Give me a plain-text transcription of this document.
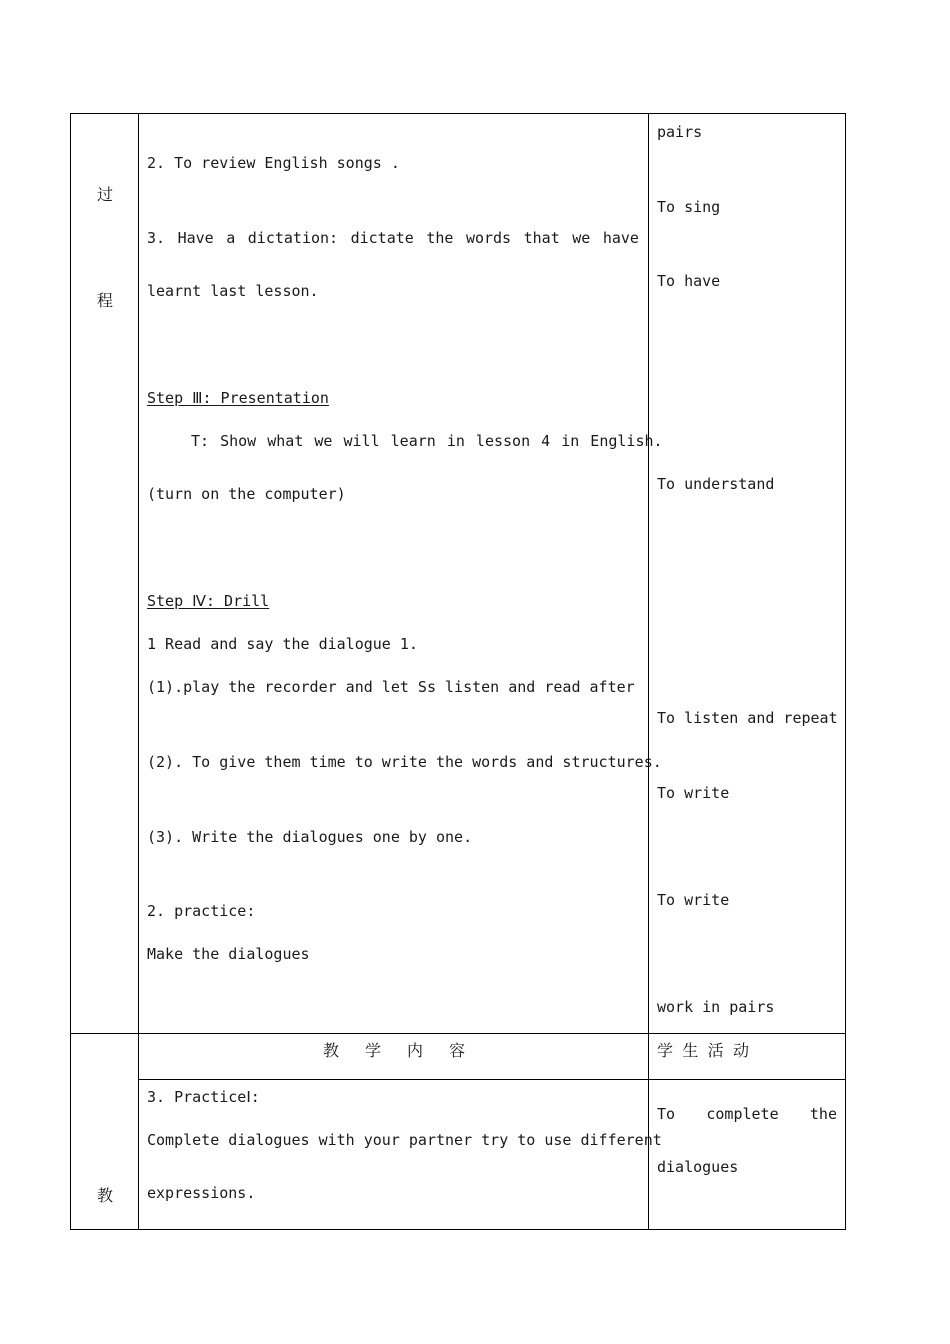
过
程
教
2. To review English songs .
3. Have a dictation: dictate the words that we have
learnt last lesson.
Step Ⅲ: Presentation
T: Show what we will learn in lesson 4 in English.
(turn on the computer)
Step Ⅳ: Drill
1 Read and say the dialogue 1.
(1).play the recorder and let Ss listen and read after
(2). To give them time to write the words and structures.
(3). Write the dialogues one by one.
2. practice:
Make the dialogues
pairs
To sing
To have
To understand
To listen and repeat
To write
To write
work in pairs
教 学 内 容	学 生 活 动
3. PracticeⅠ:
Complete dialogues with your partner try to use different
expressions.
To complete the
dialogues
